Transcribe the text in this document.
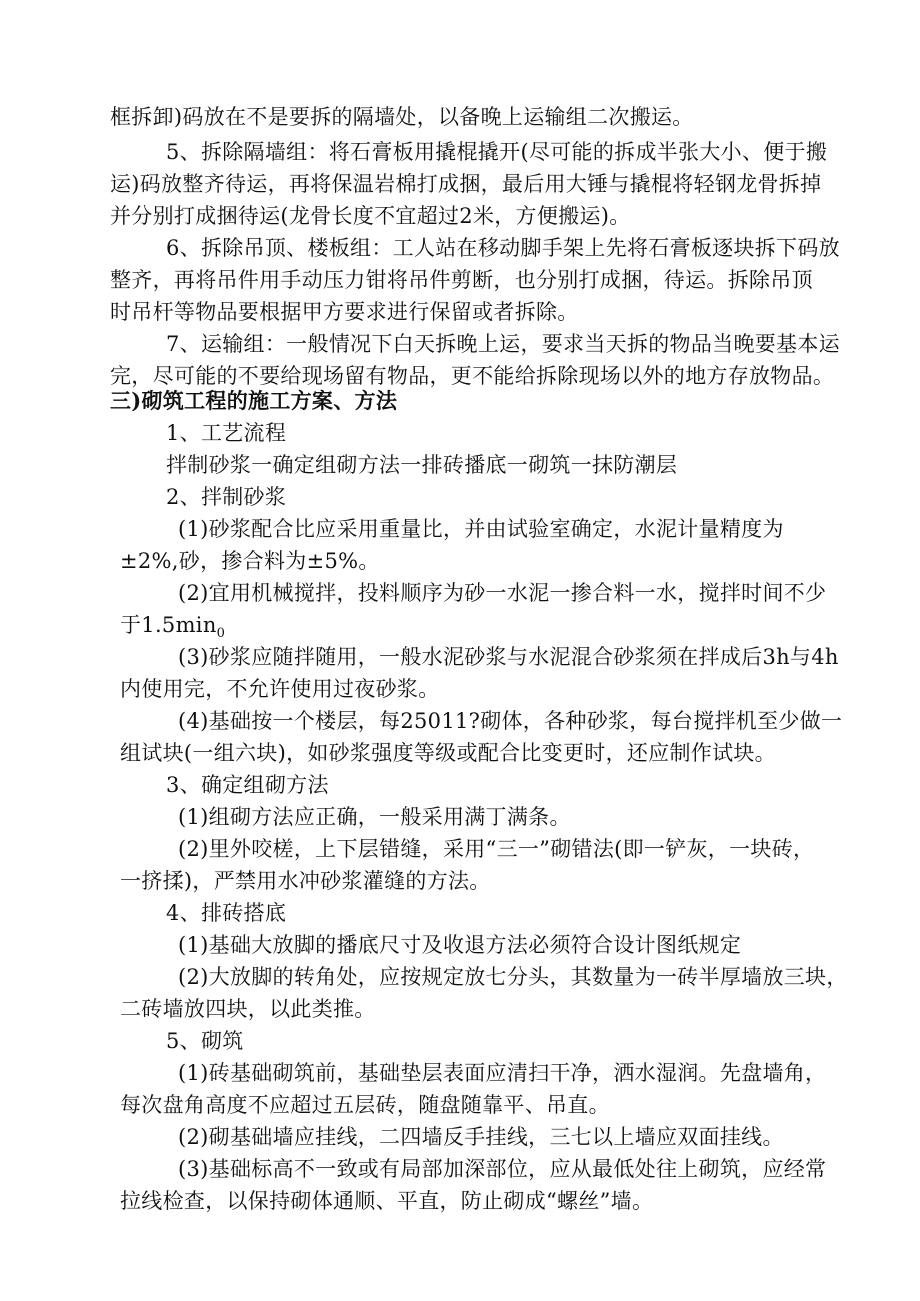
框拆卸)码放在不是要拆的隔墙处，以备晚上运输组二次搬运。
5、拆除隔墙组：将石膏板用撬棍撬开(尽可能的拆成半张大小、便于搬
运)码放整齐待运，再将保温岩棉打成捆，最后用大锤与撬棍将轻钢龙骨拆掉
并分别打成捆待运(龙骨长度不宜超过2米，方便搬运)。
6、拆除吊顶、楼板组：工人站在移动脚手架上先将石膏板逐块拆下码放
整齐，再将吊件用手动压力钳将吊件剪断，也分别打成捆，待运。拆除吊顶
时吊杆等物品要根据甲方要求进行保留或者拆除。
7、运输组：一般情况下白天拆晚上运，要求当天拆的物品当晚要基本运
完，尽可能的不要给现场留有物品，更不能给拆除现场以外的地方存放物品。
三)砌筑工程的施工方案、方法
1、工艺流程
拌制砂浆一确定组砌方法一排砖播底一砌筑一抹防潮层
2、拌制砂浆
(1)砂浆配合比应采用重量比，并由试验室确定，水泥计量精度为
±2%,砂，掺合料为±5%。
(2)宜用机械搅拌，投料顺序为砂一水泥一掺合料一水，搅拌时间不少
于$1.5\min_0$
(3)砂浆应随拌随用，一般水泥砂浆与水泥混合砂浆须在拌成后3h与4h
内使用完，不允许使用过夜砂浆。
(4)基础按一个楼层，每25011?砌体，各种砂浆，每台搅拌机至少做一
组试块(一组六块)，如砂浆强度等级或配合比变更时，还应制作试块。
3、确定组砌方法
(1)组砌方法应正确，一般采用满丁满条。
(2)里外咬槎，上下层错缝，采用“三一”砌错法(即一铲灰，一块砖，
一挤揉)，严禁用水冲砂浆灌缝的方法。
4、排砖搭底
(1)基础大放脚的播底尺寸及收退方法必须符合设计图纸规定
(2)大放脚的转角处，应按规定放七分头，其数量为一砖半厚墙放三块，
二砖墙放四块，以此类推。
5、砌筑
(1)砖基础砌筑前，基础垫层表面应清扫干净，洒水湿润。先盘墙角，
每次盘角高度不应超过五层砖，随盘随靠平、吊直。
(2)砌基础墙应挂线，二四墙反手挂线，三七以上墙应双面挂线。
(3)基础标高不一致或有局部加深部位，应从最低处往上砌筑，应经常
拉线检查，以保持砌体通顺、平直，防止砌成“螺丝”墙。
